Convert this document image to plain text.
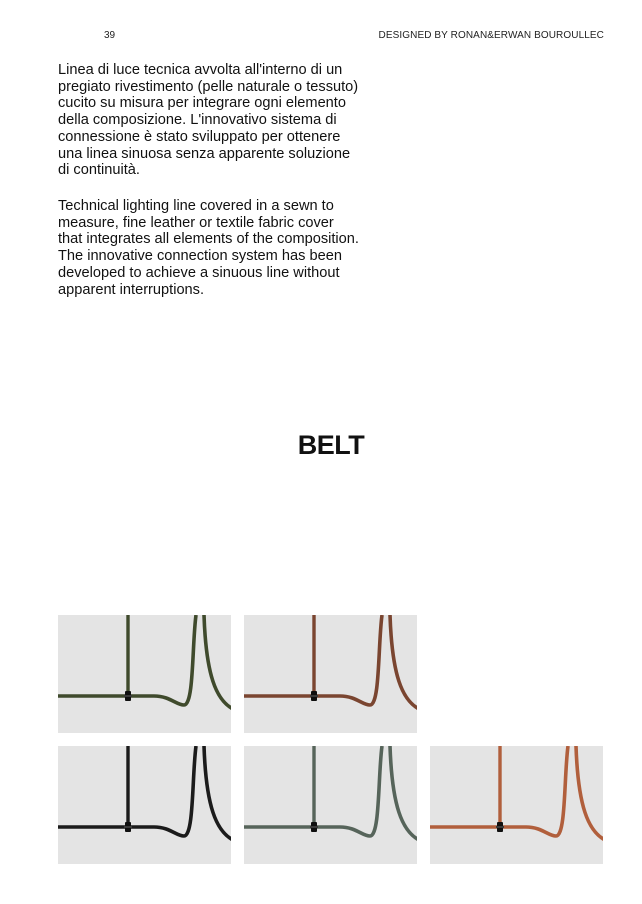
39	DESIGNED BY RONAN&ERWAN BOUROULLEC
Linea di luce tecnica avvolta all'interno di un
pregiato rivestimento (pelle naturale o tessuto)
cucito su misura per integrare ogni elemento
della composizione. L'innovativo sistema di
connessione è stato sviluppato per ottenere
una linea sinuosa senza apparente soluzione
di continuità.
Technical lighting line covered in a sewn to
measure, fine leather or textile fabric cover
that integrates all elements of the composition.
The innovative connection system has been
developed to achieve a sinuous line without
apparent interruptions.
BELT
